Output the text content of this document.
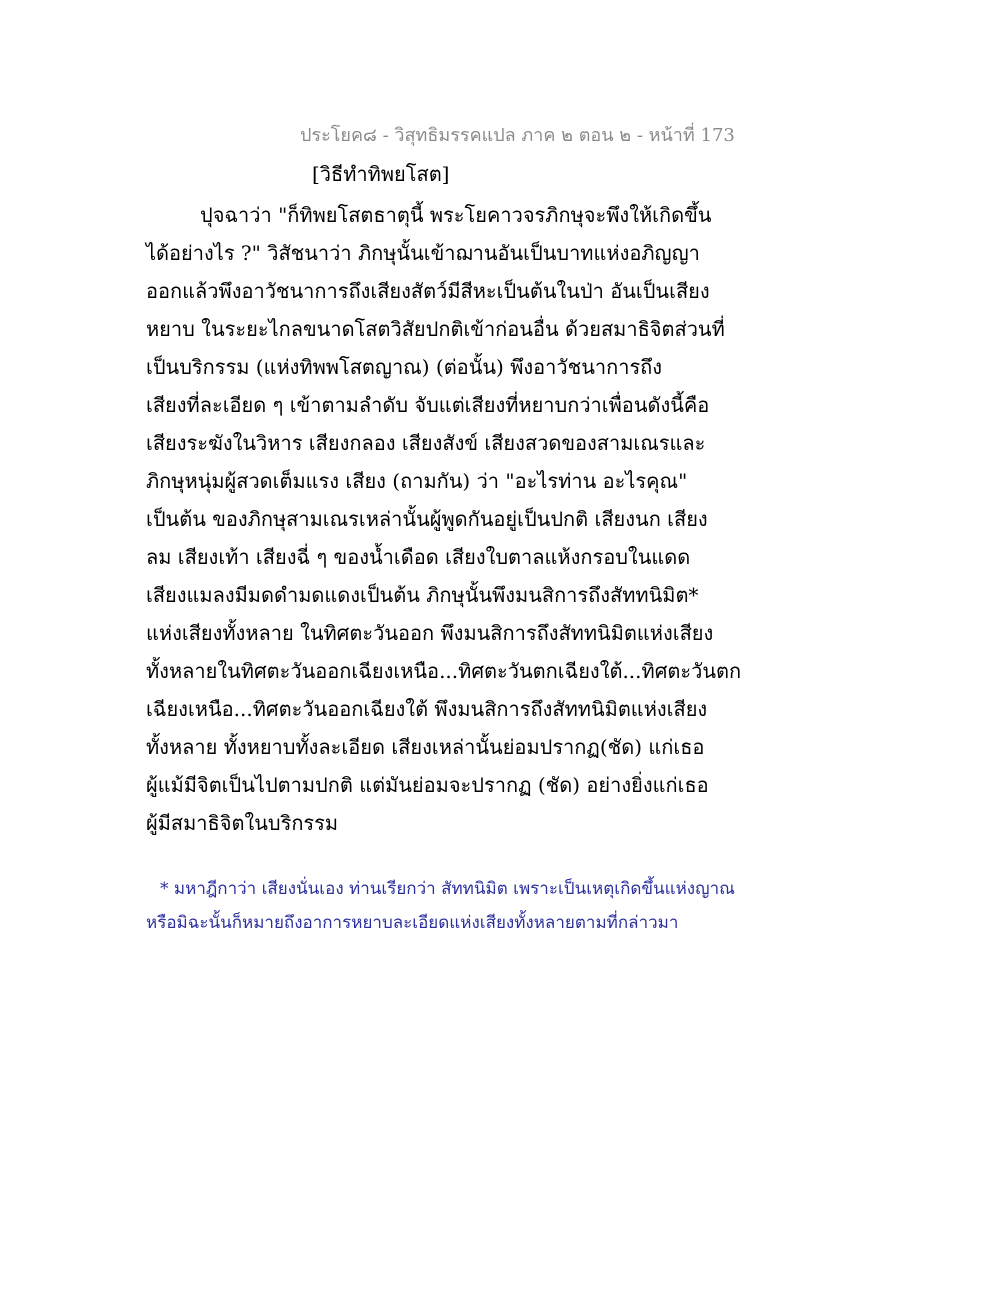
ประโยค๘ - วิสุทธิมรรคแปล ภาค ๒ ตอน ๒ - หน้าที่ 173
[วิธีทำทิพยโสต]
ปุจฉาว่า "ก็ทิพยโสตธาตุนี้ พระโยคาวจรภิกษุจะพึงให้เกิดขึ้น
ได้อย่างไร ?" วิสัชนาว่า ภิกษุนั้นเข้าฌานอันเป็นบาทแห่งอภิญญา
ออกแล้วพึงอาวัชนาการถึงเสียงสัตว์มีสีหะเป็นต้นในป่า อันเป็นเสียง
หยาบ ในระยะไกลขนาดโสตวิสัยปกติเข้าก่อนอื่น ด้วยสมาธิจิตส่วนที่
เป็นบริกรรม (แห่งทิพพโสตญาณ) (ต่อนั้น) พึงอาวัชนาการถึง
เสียงที่ละเอียด ๆ เข้าตามลำดับ จับแต่เสียงที่หยาบกว่าเพื่อนดังนี้คือ
เสียงระฆังในวิหาร เสียงกลอง เสียงสังข์ เสียงสวดของสามเณรและ
ภิกษุหนุ่มผู้สวดเต็มแรง เสียง (ถามกัน) ว่า "อะไรท่าน อะไรคุณ"
เป็นต้น ของภิกษุสามเณรเหล่านั้นผู้พูดกันอยู่เป็นปกติ เสียงนก เสียง
ลม เสียงเท้า เสียงฉี่ ๆ ของน้ำเดือด เสียงใบตาลแห้งกรอบในแดด
เสียงแมลงมีมดดำมดแดงเป็นต้น ภิกษุนั้นพึงมนสิการถึงสัททนิมิต*
แห่งเสียงทั้งหลาย ในทิศตะวันออก พึงมนสิการถึงสัททนิมิตแห่งเสียง
ทั้งหลายในทิศตะวันออกเฉียงเหนือ...ทิศตะวันตกเฉียงใต้...ทิศตะวันตก
เฉียงเหนือ...ทิศตะวันออกเฉียงใต้ พึงมนสิการถึงสัททนิมิตแห่งเสียง
ทั้งหลาย ทั้งหยาบทั้งละเอียด เสียงเหล่านั้นย่อมปรากฏ(ชัด) แก่เธอ
ผู้แม้มีจิตเป็นไปตามปกติ แต่มันย่อมจะปรากฏ (ชัด) อย่างยิ่งแก่เธอ
ผู้มีสมาธิจิตในบริกรรม
* มหาฎีกาว่า เสียงนั่นเอง ท่านเรียกว่า สัททนิมิต เพราะเป็นเหตุเกิดขึ้นแห่งญาณ
หรือมิฉะนั้นก็หมายถึงอาการหยาบละเอียดแห่งเสียงทั้งหลายตามที่กล่าวมา
